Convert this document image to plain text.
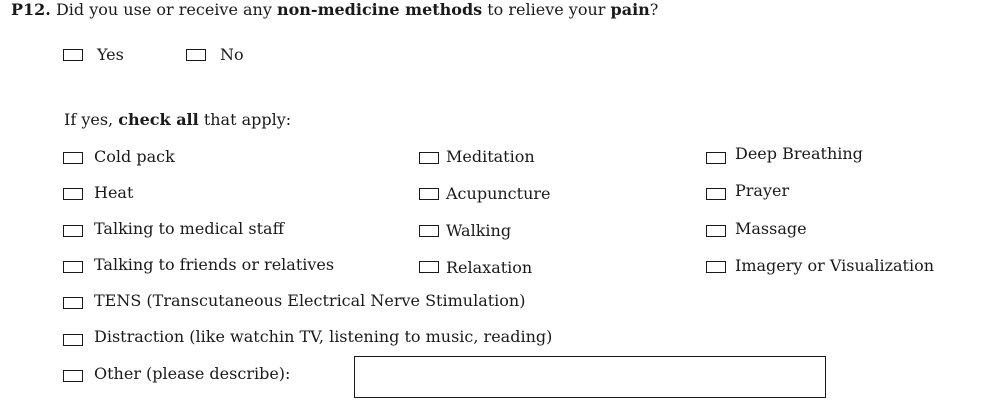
P12. Did you use or receive any non-medicine methods to relieve your pain?
Yes	No
If yes, check all that apply:
Cold pack
Heat
Talking to medical staff
Talking to friends or relatives
TENS (Transcutaneous Electrical Nerve Stimulation)
Distraction (like watchin TV, listening to music, reading)
Other (please describe):
Meditation
Acupuncture
Walking
Relaxation
Deep Breathing
Prayer
Massage
Imagery or Visualization
